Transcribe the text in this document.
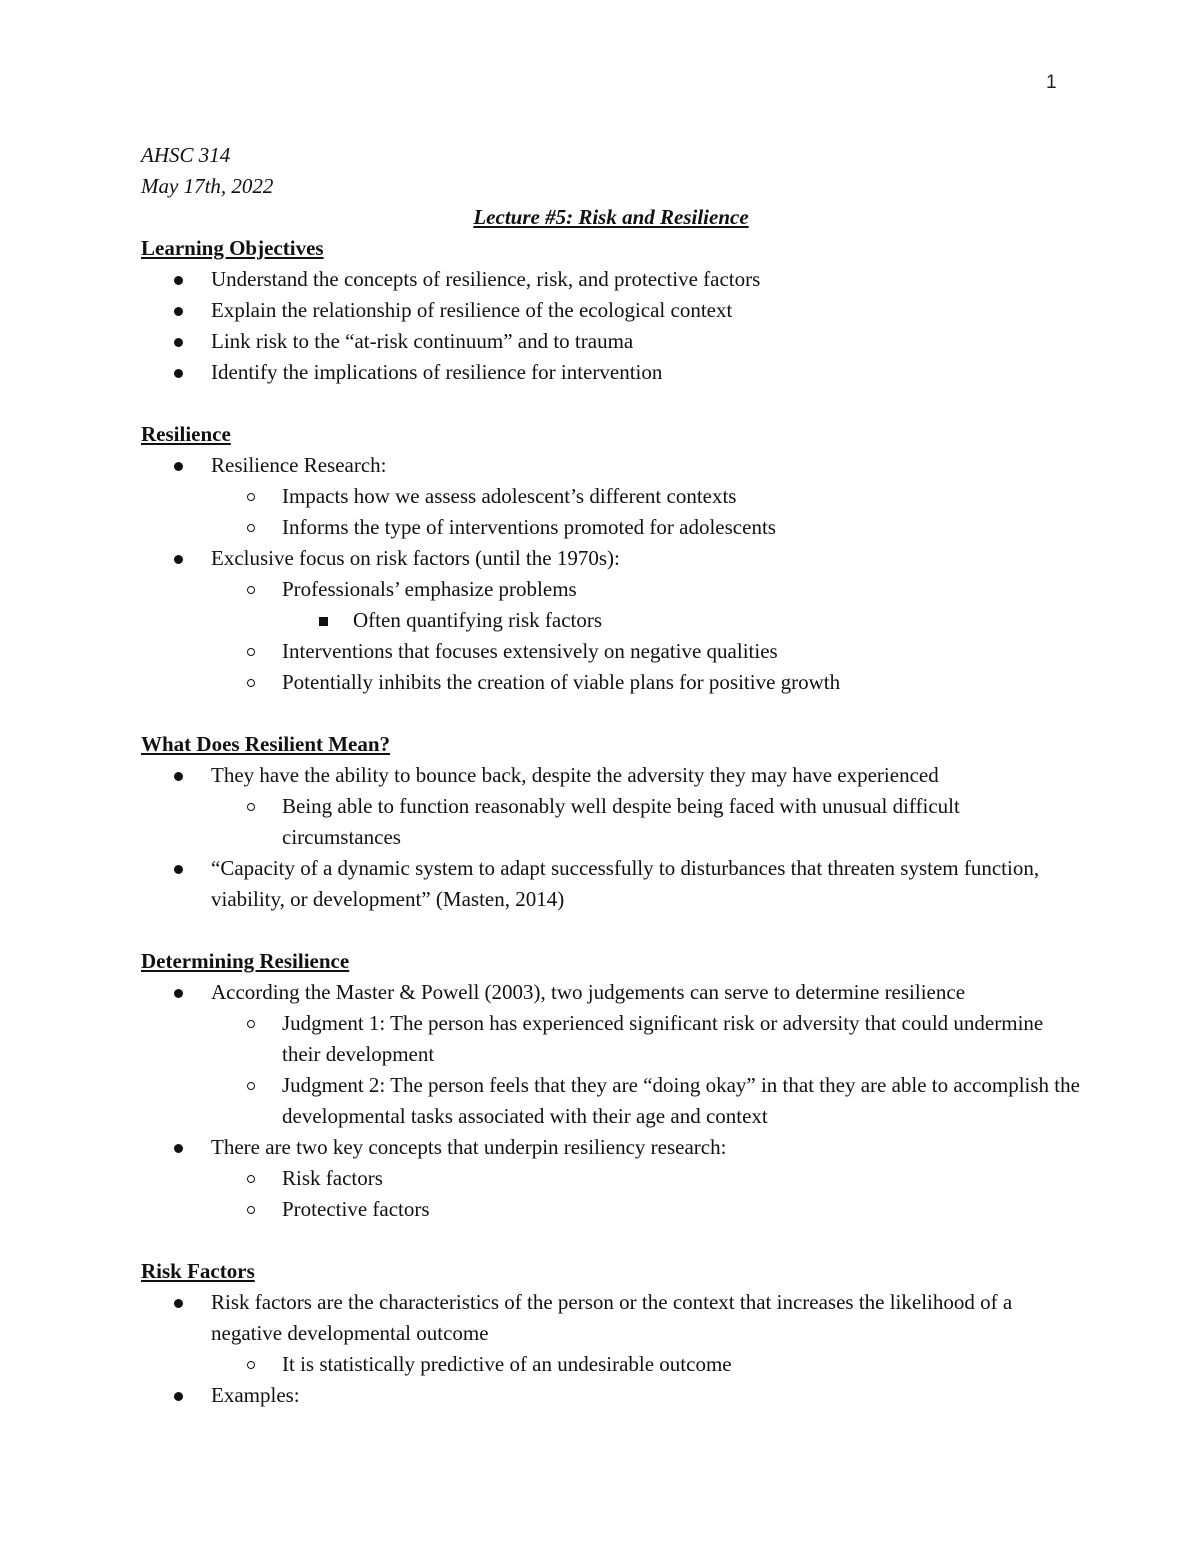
1
AHSC 314
May 17th, 2022
Lecture #5: Risk and Resilience
Learning Objectives
Understand the concepts of resilience, risk, and protective factors
Explain the relationship of resilience of the ecological context
Link risk to the “at-risk continuum” and to trauma
Identify the implications of resilience for intervention
Resilience
Resilience Research:
Impacts how we assess adolescent’s different contexts
Informs the type of interventions promoted for adolescents
Exclusive focus on risk factors (until the 1970s):
Professionals’ emphasize problems
Often quantifying risk factors
Interventions that focuses extensively on negative qualities
Potentially inhibits the creation of viable plans for positive growth
What Does Resilient Mean?
They have the ability to bounce back, despite the adversity they may have experienced
Being able to function reasonably well despite being faced with unusual difficult circumstances
“Capacity of a dynamic system to adapt successfully to disturbances that threaten system function, viability, or development” (Masten, 2014)
Determining Resilience
According the Master & Powell (2003), two judgements can serve to determine resilience
Judgment 1: The person has experienced significant risk or adversity that could undermine their development
Judgment 2: The person feels that they are “doing okay” in that they are able to accomplish the developmental tasks associated with their age and context
There are two key concepts that underpin resiliency research:
Risk factors
Protective factors
Risk Factors
Risk factors are the characteristics of the person or the context that increases the likelihood of a negative developmental outcome
It is statistically predictive of an undesirable outcome
Examples:
